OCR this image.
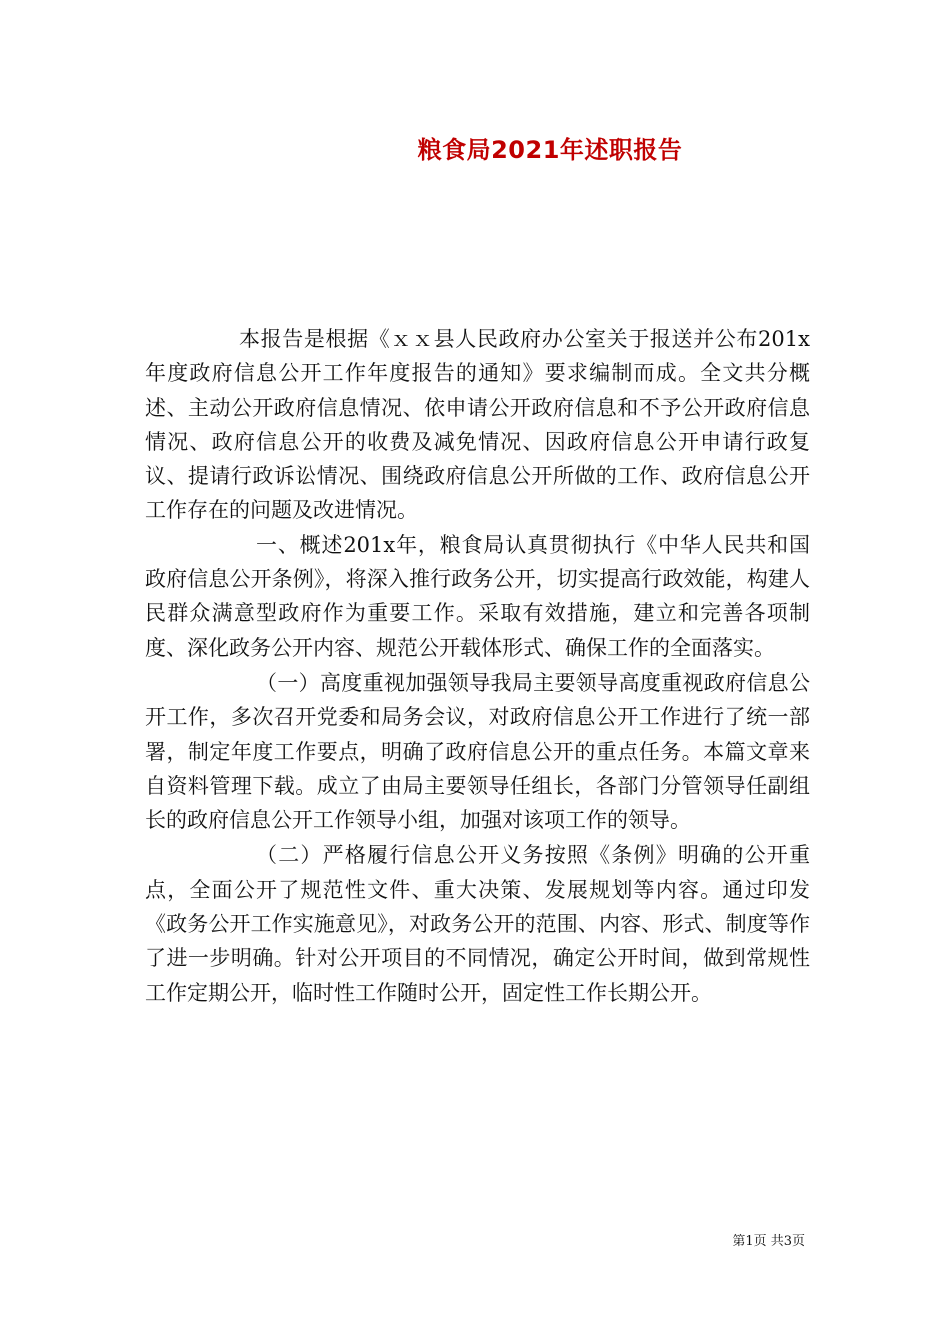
粮食局2021年述职报告

本报告是根据《ｘｘ县人民政府办公室关于报送并公布201x年度政府信息公开工作年度报告的通知》要求编制而成。全文共分概述、主动公开政府信息情况、依申请公开政府信息和不予公开政府信息情况、政府信息公开的收费及减免情况、因政府信息公开申请行政复议、提请行政诉讼情况、围绕政府信息公开所做的工作、政府信息公开工作存在的问题及改进情况。

一、概述201x年，粮食局认真贯彻执行《中华人民共和国政府信息公开条例》，将深入推行政务公开，切实提高行政效能，构建人民群众满意型政府作为重要工作。采取有效措施，建立和完善各项制度、深化政务公开内容、规范公开载体形式、确保工作的全面落实。

（一）高度重视加强领导我局主要领导高度重视政府信息公开工作，多次召开党委和局务会议，对政府信息公开工作进行了统一部署，制定年度工作要点，明确了政府信息公开的重点任务。本篇文章来自资料管理下载。成立了由局主要领导任组长，各部门分管领导任副组长的政府信息公开工作领导小组，加强对该项工作的领导。

（二）严格履行信息公开义务按照《条例》明确的公开重点，全面公开了规范性文件、重大决策、发展规划等内容。通过印发《政务公开工作实施意见》，对政务公开的范围、内容、形式、制度等作了进一步明确。针对公开项目的不同情况，确定公开时间，做到常规性工作定期公开，临时性工作随时公开，固定性工作长期公开。

第1页 共3页
